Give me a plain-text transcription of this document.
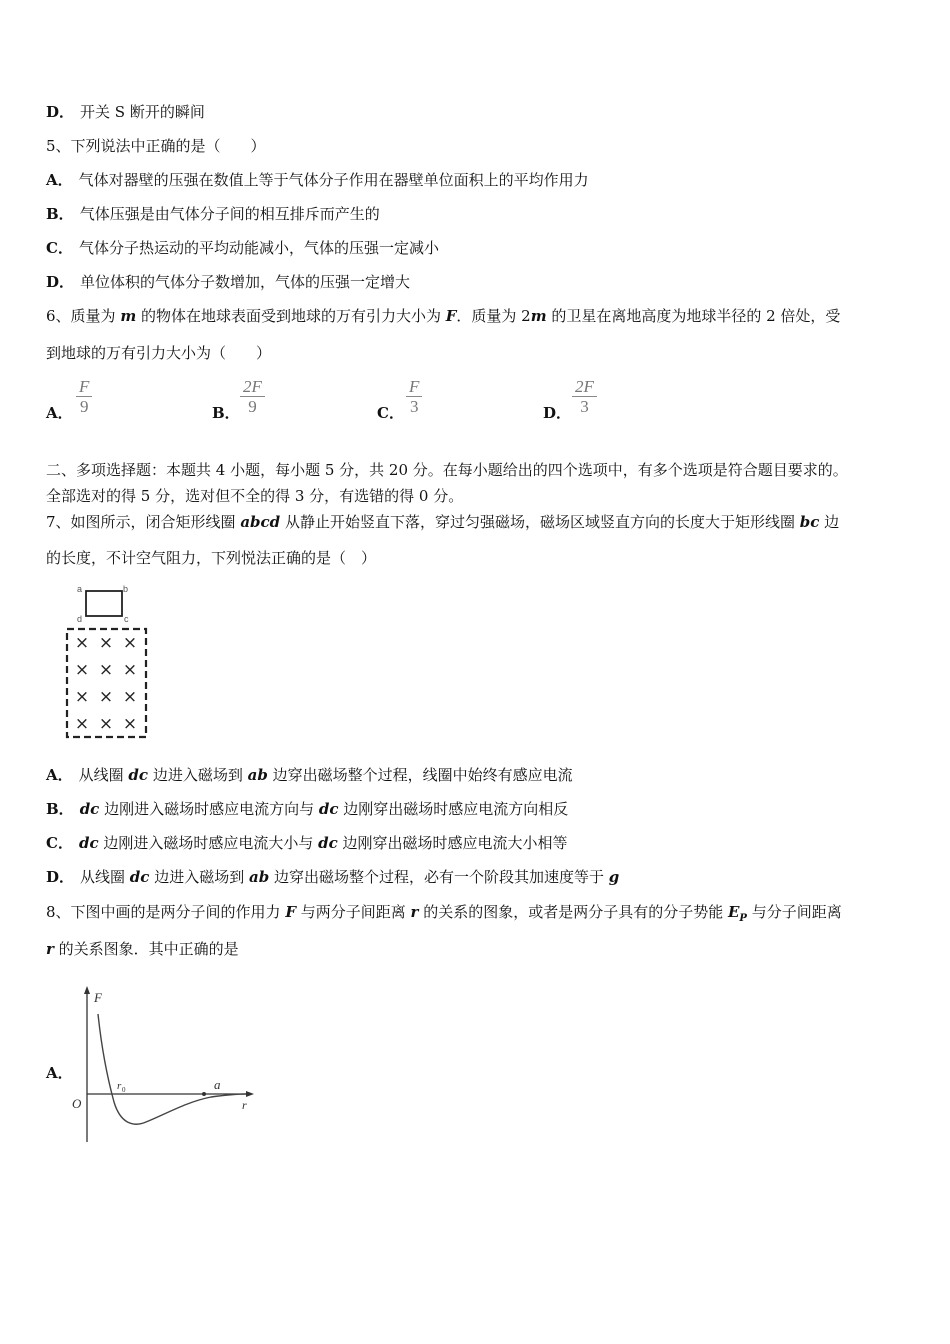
D． 开关 S 断开的瞬间
5、下列说法中正确的是（　　）
A． 气体对器壁的压强在数值上等于气体分子作用在器壁单位面积上的平均作用力
B． 气体压强是由气体分子间的相互排斥而产生的
C． 气体分子热运动的平均动能减小，气体的压强一定减小
D． 单位体积的气体分子数增加，气体的压强一定增大
6、质量为 m 的物体在地球表面受到地球的万有引力大小为 F．质量为 2m 的卫星在离地高度为地球半径的 2 倍处，受
到地球的万有引力大小为（　　）
A． $\frac{F}{9}$	B． $\frac{2F}{9}$	C． $\frac{F}{3}$	D． $\frac{2F}{3}$
二、多项选择题：本题共 4 小题，每小题 5 分，共 20 分。在每小题给出的四个选项中，有多个选项是符合题目要求的。
全部选对的得 5 分，选对但不全的得 3 分，有选错的得 0 分。
7、如图所示，闭合矩形线圈 abcd 从静止开始竖直下落，穿过匀强磁场，磁场区域竖直方向的长度大于矩形线圈 bc 边
的长度，不计空气阻力，下列悦法正确的是（　）
a	b
d	c
× × ×
× × ×
× × ×
× × ×
A． 从线圈 dc 边进入磁场到 ab 边穿出磁场整个过程，线圈中始终有感应电流
B． dc 边刚进入磁场时感应电流方向与 dc 边刚穿出磁场时感应电流方向相反
C． dc 边刚进入磁场时感应电流大小与 dc 边刚穿出磁场时感应电流大小相等
D． 从线圈 dc 边进入磁场到 ab 边穿出磁场整个过程，必有一个阶段其加速度等于 g
8、下图中画的是两分子间的作用力 F 与两分子间距离 r 的关系的图象，或者是两分子具有的分子势能 $E_P$ 与分子间距离
r 的关系图象．其中正确的是
A．
F
r
O
r 0	a
